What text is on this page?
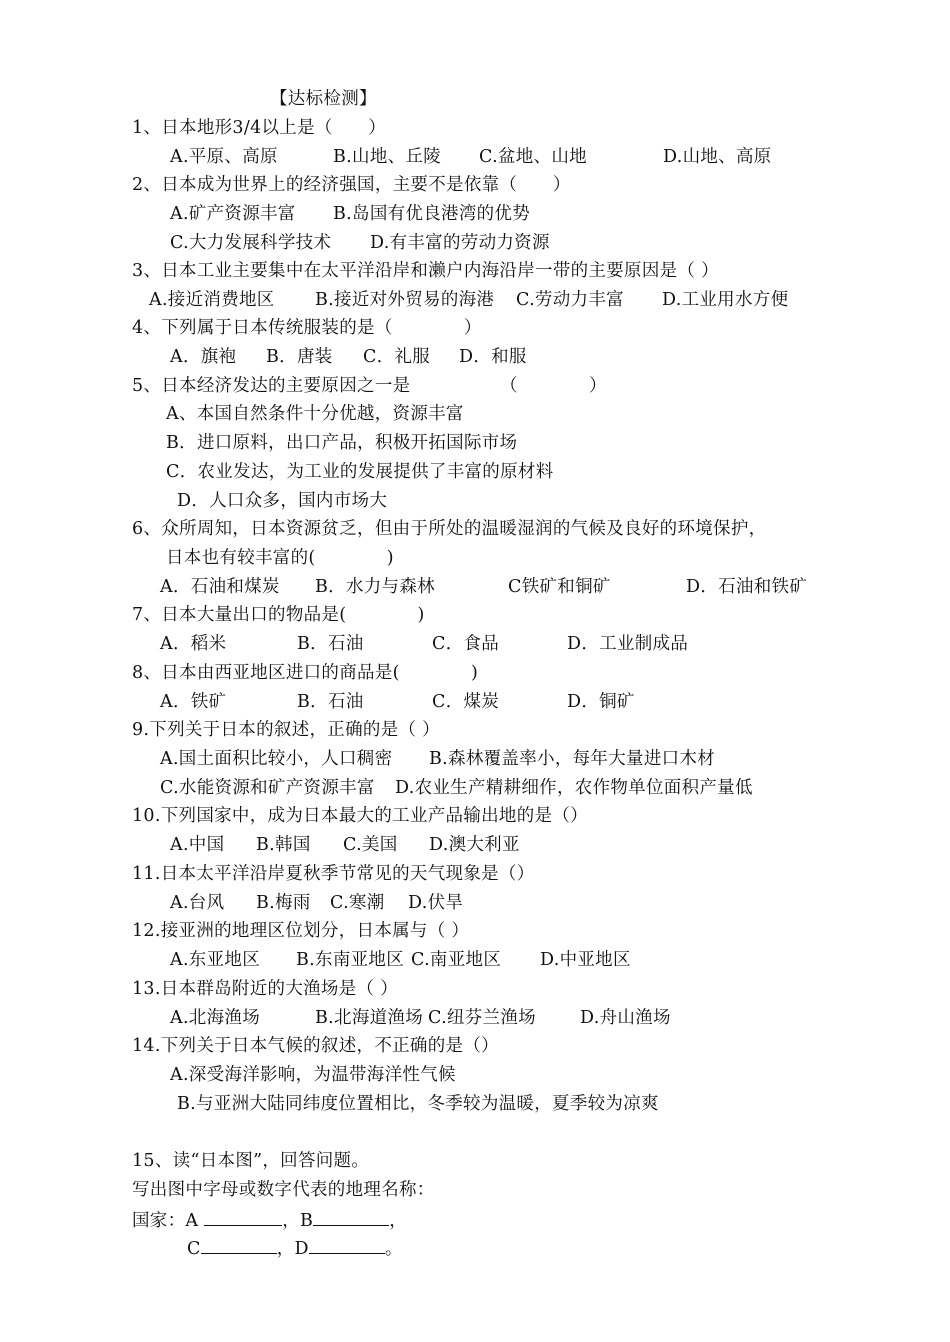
【达标检测】
1、日本地形3/4以上是（　　）
A.平原、高原	B.山地、丘陵 C.盆地、山地	D.山地、高原
2、日本成为世界上的经济强国，主要不是依靠（　　）
A.矿产资源丰富 B.岛国有优良港湾的优势
C.大力发展科学技术 D.有丰富的劳动力资源
3、日本工业主要集中在太平洋沿岸和濑户内海沿岸一带的主要原因是（ ）
A.接近消费地区 B.接近对外贸易的海港 C.劳动力丰富 D.工业用水方便
4、下列属于日本传统服装的是（　　　　）
A．旗袍 B．唐装 C．礼服 D．和服
5、日本经济发达的主要原因之一是	（　　　　）
A、本国自然条件十分优越，资源丰富
B．进口原料，出口产品，积极开拓国际市场
C．农业发达，为工业的发展提供了丰富的原材料
D．人口众多，国内市场大
6、众所周知，日本资源贫乏，但由于所处的温暖湿润的气候及良好的环境保护，
日本也有较丰富的(　　　　)
A．石油和煤炭 B．水力与森林	C铁矿和铜矿	D．石油和铁矿
7、日本大量出口的物品是(　　　　)
A．稻米	B．石油	C．食品	D．工业制成品
8、日本由西亚地区进口的商品是(　　　　)
A．铁矿	B．石油	C．煤炭	D．铜矿
9.下列关于日本的叙述，正确的是（ ）
A.国土面积比较小，人口稠密 B.森林覆盖率小，每年大量进口木材
C.水能资源和矿产资源丰富 D.农业生产精耕细作，农作物单位面积产量低
10.下列国家中，成为日本最大的工业产品输出地的是（）
A.中国 B.韩国 C.美国 D.澳大利亚
11.日本太平洋沿岸夏秋季节常见的天气现象是（）
A.台风 B.梅雨 C.寒潮 D.伏旱
12.接亚洲的地理区位划分，日本属与（ ）
A.东亚地区 B.东南亚地区 C.南亚地区 D.中亚地区
13.日本群岛附近的大渔场是（ ）
A.北海渔场	B.北海道渔场 C.纽芬兰渔场	D.舟山渔场
14.下列关于日本气候的叙述，不正确的是（）
A.深受海洋影响，为温带海洋性气候
B.与亚洲大陆同纬度位置相比，冬季较为温暖，夏季较为凉爽
15、读“日本图”，回答问题。
写出图中字母或数字代表的地理名称：
国家：A	，B	，
C	，D	。
